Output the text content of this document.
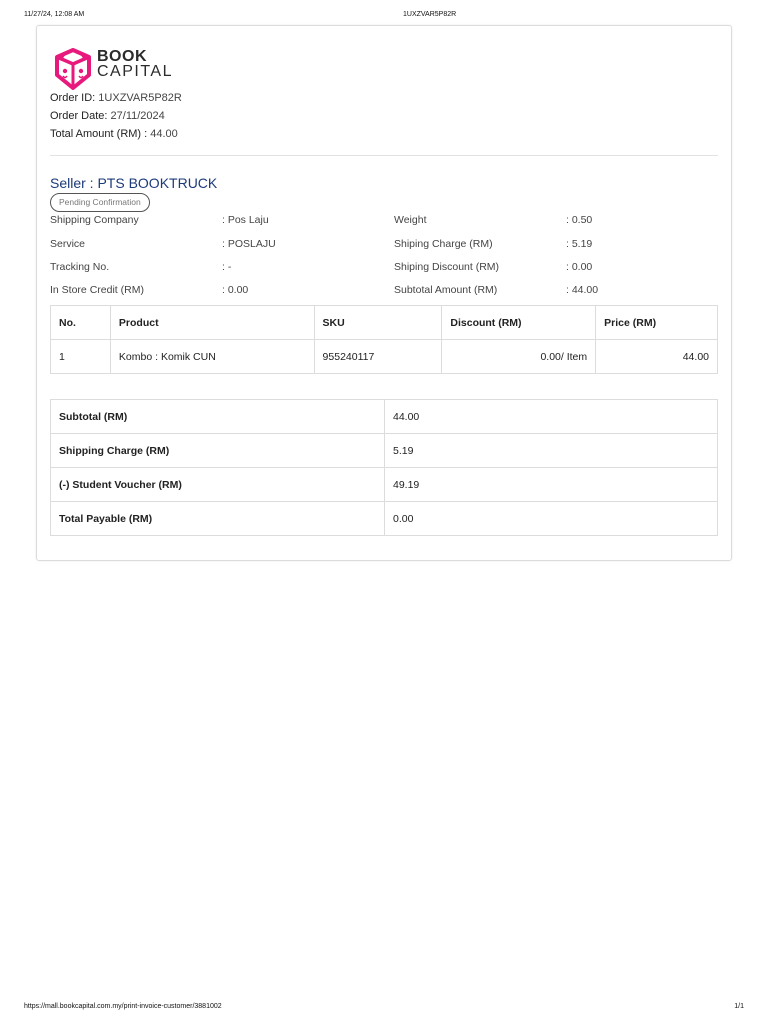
11/27/24, 12:08 AM	1UXZVAR5P82R
BOOK
CAPITAL
Order ID: 1UXZVAR5P82R
Order Date: 27/11/2024
Total Amount (RM) : 44.00
Seller : PTS BOOKTRUCK
Pending Confirmation
Shipping Company	: Pos Laju	Weight	: 0.50
Service	: POSLAJU	Shiping Charge (RM)	: 5.19
Tracking No.	: -	Shiping Discount (RM)	: 0.00
In Store Credit (RM)	: 0.00	Subtotal Amount (RM)	: 44.00
No.	Product	SKU	Discount (RM)	Price (RM)
1	Kombo : Komik CUN	955240117	0.00/ Item	44.00
Subtotal (RM)	44.00
Shipping Charge (RM)	5.19
(-) Student Voucher (RM)	49.19
Total Payable (RM)	0.00
https://mall.bookcapital.com.my/print-invoice-customer/3881002	1/1
